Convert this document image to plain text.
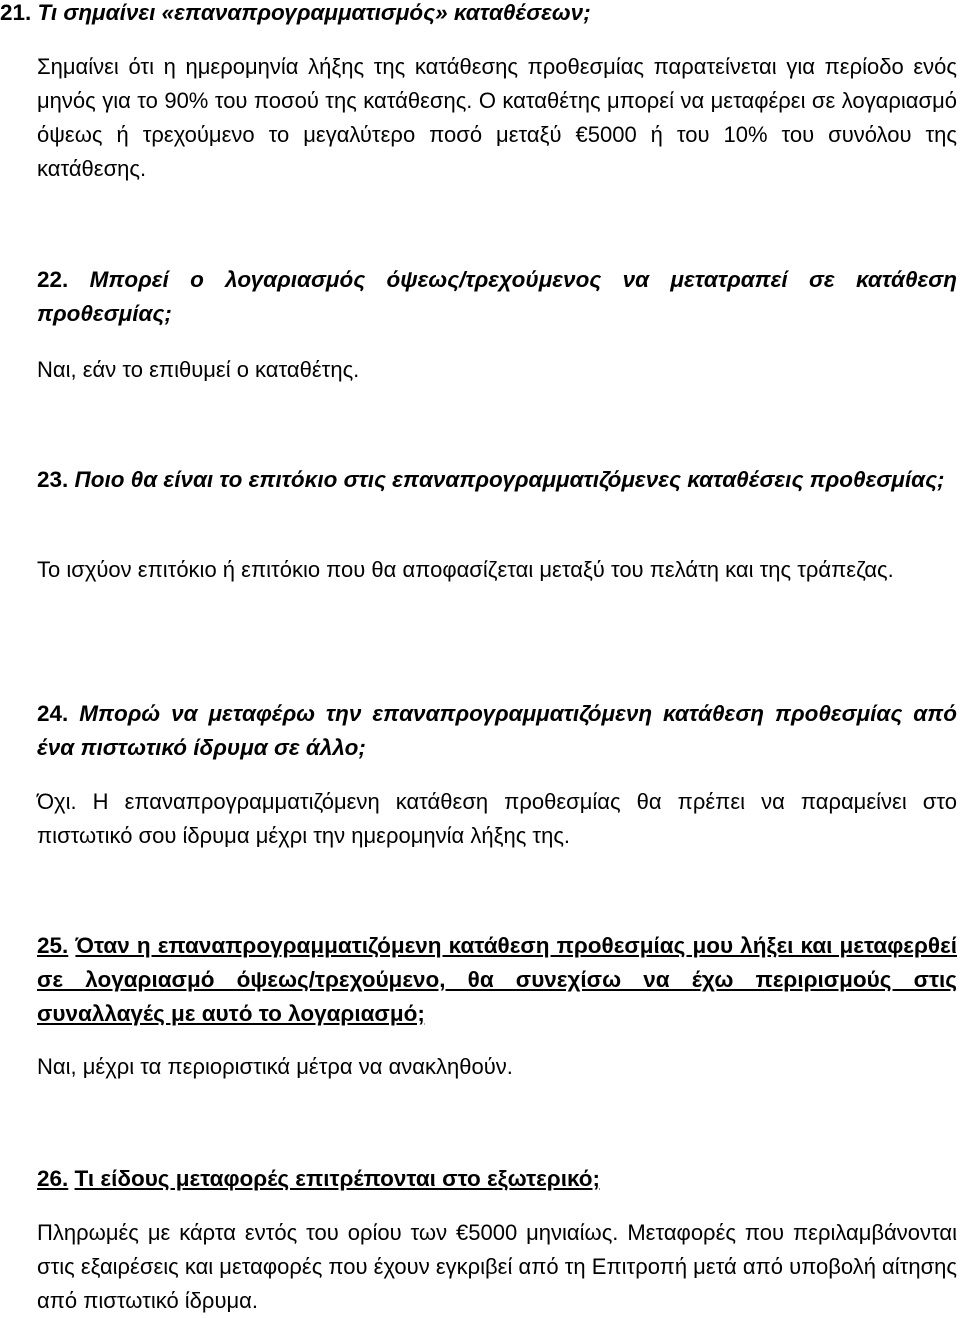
21. Τι σημαίνει «επαναπρογραμματισμός» καταθέσεων;
Σημαίνει ότι η ημερομηνία λήξης της κατάθεσης προθεσμίας παρατείνεται για περίοδο ενός μηνός για το 90% του ποσού της κατάθεσης. Ο καταθέτης μπορεί να μεταφέρει σε λογαριασμό όψεως ή τρεχούμενο το μεγαλύτερο ποσό μεταξύ €5000 ή του 10% του συνόλου της κατάθεσης.
22. Μπορεί ο λογαριασμός όψεως/τρεχούμενος να μετατραπεί σε κατάθεση προθεσμίας;
Ναι, εάν το επιθυμεί ο καταθέτης.
23. Ποιο θα είναι το επιτόκιο στις επαναπρογραμματιζόμενες καταθέσεις προθεσμίας;
Το ισχύον επιτόκιο ή επιτόκιο που θα αποφασίζεται μεταξύ του πελάτη και της τράπεζας.
24. Μπορώ να μεταφέρω την επαναπρογραμματιζόμενη κατάθεση προθεσμίας από ένα πιστωτικό ίδρυμα σε άλλο;
Όχι. Η επαναπρογραμματιζόμενη κατάθεση προθεσμίας θα πρέπει να παραμείνει στο πιστωτικό σου ίδρυμα μέχρι την ημερομηνία λήξης της.
25. Όταν η επαναπρογραμματιζόμενη κατάθεση προθεσμίας μου λήξει και μεταφερθεί σε λογαριασμό όψεως/τρεχούμενο, θα συνεχίσω να έχω περιρισμούς στις συναλλαγές με αυτό το λογαριασμό;
Ναι, μέχρι τα περιοριστικά μέτρα να ανακληθούν.
26. Τι είδους μεταφορές επιτρέπονται στο εξωτερικό;
Πληρωμές με κάρτα εντός του ορίου των €5000 μηνιαίως. Μεταφορές που περιλαμβάνονται στις εξαιρέσεις και μεταφορές που έχουν εγκριβεί από τη Επιτροπή μετά από υποβολή αίτησης από πιστωτικό ίδρυμα.
